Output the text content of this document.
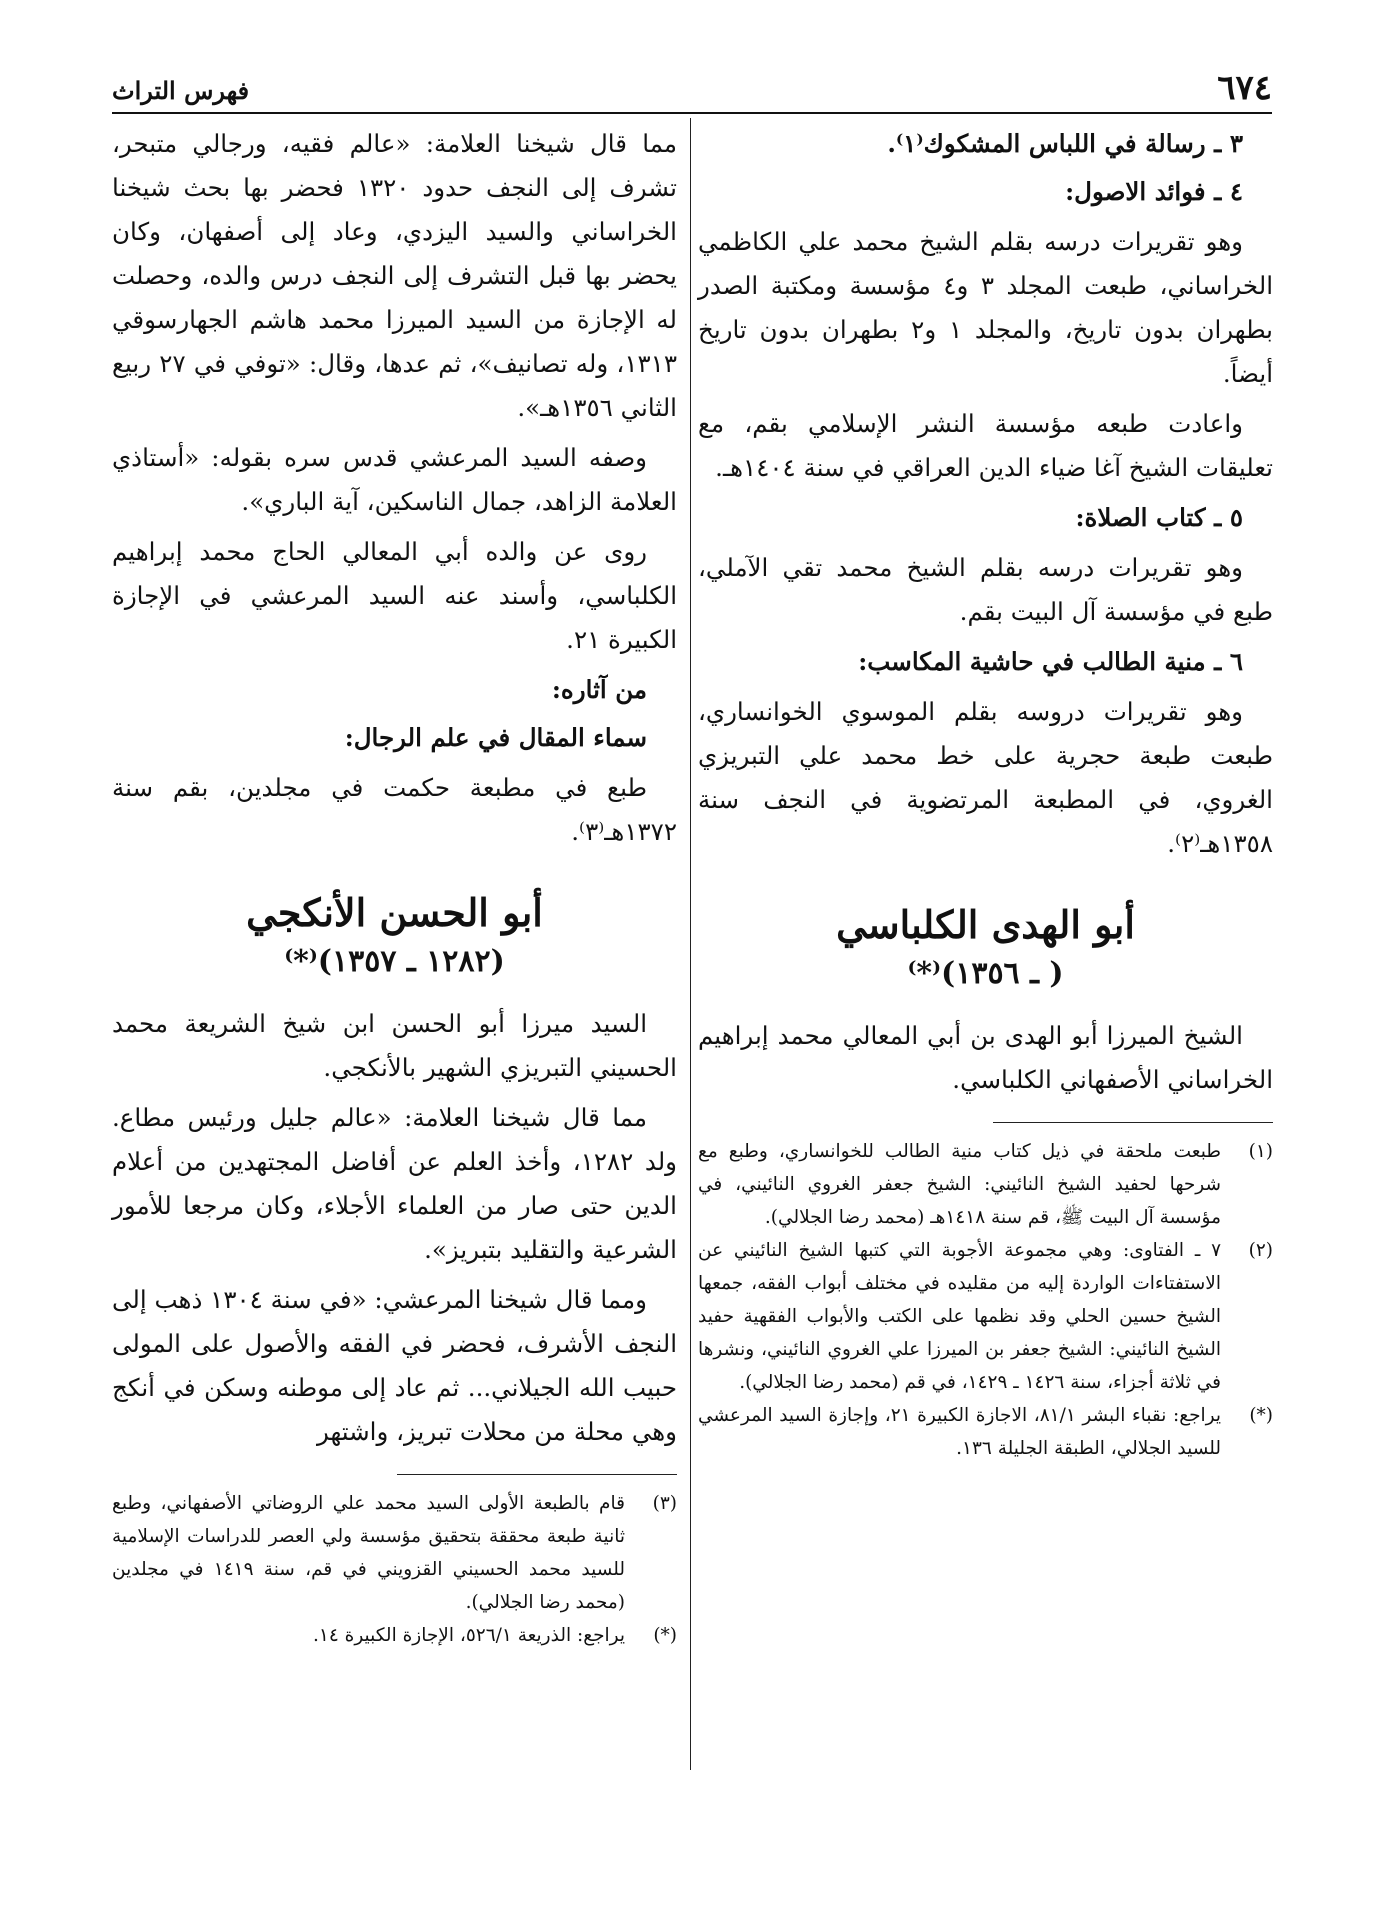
٦٧٤
فهرس التراث

٣ ـ رسالة في اللباس المشكوك⁽١⁾.

٤ ـ فوائد الاصول:

وهو تقريرات درسه بقلم الشيخ محمد علي الكاظمي الخراساني، طبعت المجلد ٣ و٤ مؤسسة ومكتبة الصدر بطهران بدون تاريخ، والمجلد ١ و٢ بطهران بدون تاريخ أيضاً.

واعادت طبعه مؤسسة النشر الإسلامي بقم، مع تعليقات الشيخ آغا ضياء الدين العراقي في سنة ١٤٠٤هـ.

٥ ـ كتاب الصلاة:

وهو تقريرات درسه بقلم الشيخ محمد تقي الآملي، طبع في مؤسسة آل البيت بقم.

٦ ـ منية الطالب في حاشية المكاسب:

وهو تقريرات دروسه بقلم الموسوي الخوانساري، طبعت طبعة حجرية على خط محمد علي التبريزي الغروي، في المطبعة المرتضوية في النجف سنة ١٣٥٨هـ⁽٢⁾.

أبو الهدى الكلباسي
( ـ ١٣٥٦)⁽*⁾

الشيخ الميرزا أبو الهدى بن أبي المعالي محمد إبراهيم الخراساني الأصفهاني الكلباسي.

(١)
طبعت ملحقة في ذيل كتاب منية الطالب للخوانساري، وطبع مع شرحها لحفيد الشيخ النائيني: الشيخ جعفر الغروي النائيني، في مؤسسة آل البيت ﷺ، قم سنة ١٤١٨هـ (محمد رضا الجلالي).
(٢)
٧ ـ الفتاوى: وهي مجموعة الأجوبة التي كتبها الشيخ النائيني عن الاستفتاءات الواردة إليه من مقليده في مختلف أبواب الفقه، جمعها الشيخ حسين الحلي وقد نظمها على الكتب والأبواب الفقهية حفيد الشيخ النائيني: الشيخ جعفر بن الميرزا علي الغروي النائيني، ونشرها في ثلاثة أجزاء، سنة ١٤٢٦ ـ ١٤٢٩، في قم (محمد رضا الجلالي).
(*)
يراجع: نقباء البشر ٨١/١، الاجازة الكبيرة ٢١، وإجازة السيد المرعشي للسيد الجلالي، الطبقة الجليلة ١٣٦.

مما قال شيخنا العلامة: «عالم فقيه، ورجالي متبحر، تشرف إلى النجف حدود ١٣٢٠ فحضر بها بحث شيخنا الخراساني والسيد اليزدي، وعاد إلى أصفهان، وكان يحضر بها قبل التشرف إلى النجف درس والده، وحصلت له الإجازة من السيد الميرزا محمد هاشم الجهارسوقي ١٣١٣، وله تصانيف»، ثم عدها، وقال: «توفي في ٢٧ ربيع الثاني ١٣٥٦هـ».

وصفه السيد المرعشي قدس سره بقوله: «أستاذي العلامة الزاهد، جمال الناسكين، آية الباري».

روى عن والده أبي المعالي الحاج محمد إبراهيم الكلباسي، وأسند عنه السيد المرعشي في الإجازة الكبيرة ٢١.

من آثاره:

سماء المقال في علم الرجال:

طبع في مطبعة حكمت في مجلدين، بقم سنة ١٣٧٢هـ⁽٣⁾.

أبو الحسن الأنكجي
(١٢٨٢ ـ ١٣٥٧)⁽*⁾

السيد ميرزا أبو الحسن ابن شيخ الشريعة محمد الحسيني التبريزي الشهير بالأنكجي.

مما قال شيخنا العلامة: «عالم جليل ورئيس مطاع. ولد ١٢٨٢، وأخذ العلم عن أفاضل المجتهدين من أعلام الدين حتى صار من العلماء الأجلاء، وكان مرجعا للأمور الشرعية والتقليد بتبريز».

ومما قال شيخنا المرعشي: «في سنة ١٣٠٤ ذهب إلى النجف الأشرف، فحضر في الفقه والأصول على المولى حبيب الله الجيلاني... ثم عاد إلى موطنه وسكن في أنكج وهي محلة من محلات تبريز، واشتهر

(٣)
قام بالطبعة الأولى السيد محمد علي الروضاتي الأصفهاني، وطبع ثانية طبعة محققة بتحقيق مؤسسة ولي العصر للدراسات الإسلامية للسيد محمد الحسيني القزويني في قم، سنة ١٤١٩ في مجلدين (محمد رضا الجلالي).
(*)
يراجع: الذريعة ٥٢٦/١، الإجازة الكبيرة ١٤.
